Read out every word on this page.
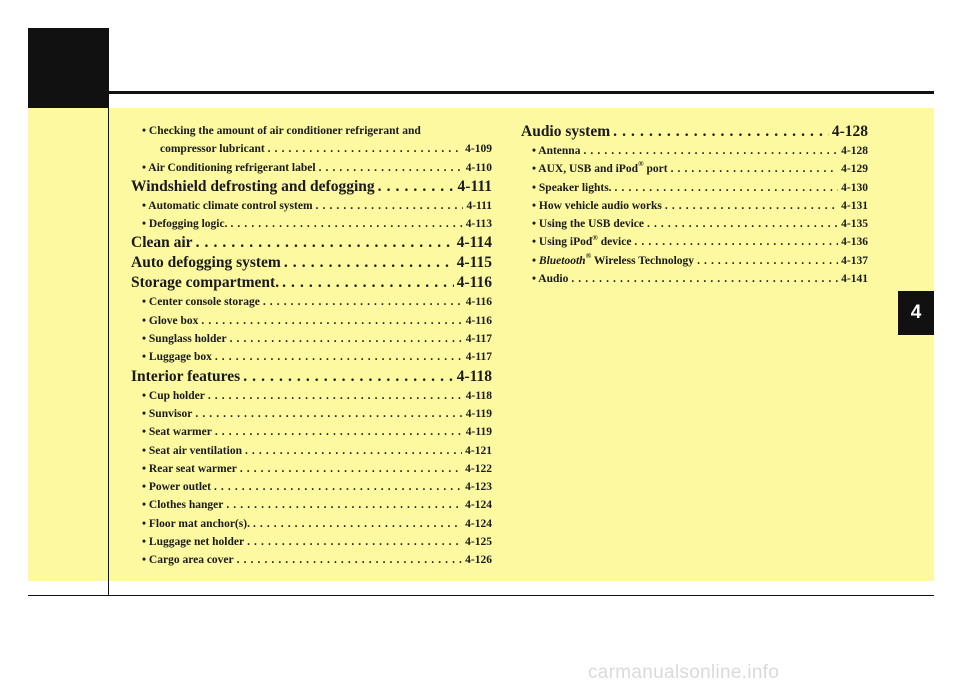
4
• Checking the amount of air conditioner refrigerant and
compressor lubricant . . .	4-109
• Air Conditioning refrigerant label . . .	4-110
Windshield defrosting and defogging . . .	4-111
• Automatic climate control system . . .	4-111
• Defogging logic. . . .	4-113
Clean air . . .	4-114
Auto defogging system . . .	4-115
Storage compartment. . . .	4-116
• Center console storage . . .	4-116
• Glove box . . .	4-116
• Sunglass holder . . .	4-117
• Luggage box . . .	4-117
Interior features . . .	4-118
• Cup holder . . .	4-118
• Sunvisor . . .	4-119
• Seat warmer . . .	4-119
• Seat air ventilation . . .	4-121
• Rear seat warmer . . .	4-122
• Power outlet . . .	4-123
• Clothes hanger . . .	4-124
• Floor mat anchor(s). . . .	4-124
• Luggage net holder . . .	4-125
• Cargo area cover . . .	4-126
Audio system . . .	4-128
• Antenna . . .	4-128
• AUX, USB and iPod® port . . .	4-129
• Speaker lights. . . .	4-130
• How vehicle audio works . . .	4-131
• Using the USB device . . .	4-135
• Using iPod® device . . .	4-136
• Bluetooth® Wireless Technology . . .	4-137
• Audio . . .	4-141
carmanualsonline.info
